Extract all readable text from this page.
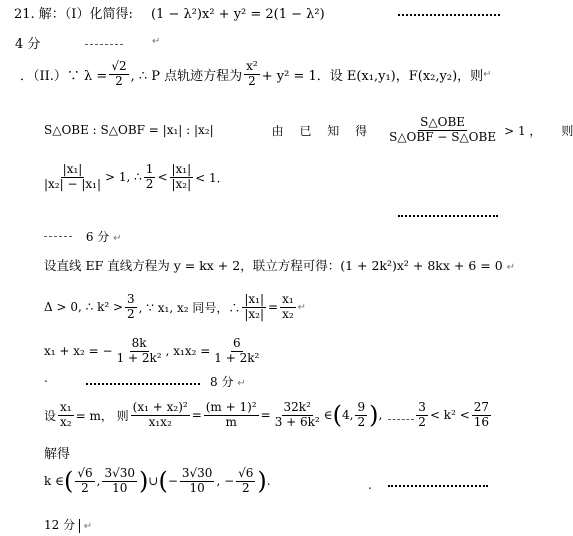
21. 解：（Ⅰ）化简得: (1 − λ²)x² + y² = 2(1 − λ²)
4 分	↵
．（II.）∵ $\lambda = \frac{√2}{2}$ , ∴ P 点轨迹方程为 $\frac{\text{x²}}{2} + y^2 = 1$．设 E(x₁,y₁)，F(x₂,y₂)，则 ↵
S△OBE : S△OBF = |x₁| : |x₂|	由 已 知 得 $\frac{\text{S△OBE}}{\text{S△OBF − S△OBE}} > 1$ ， 则
$\frac{\text{|x₁|}}{\text{|x₂| − |x₁|}} > 1$, ∴ $\frac{1}{2} < \frac{\text{|x₁|}}{\text{|x₂|}} < 1$．
6 分 ↵
设直线 EF 直线方程为 y = kx + 2，联立方程可得：(1 + 2k²)x² + 8kx + 6 = 0 ↵
Δ > 0, ∴ $k^2 > \frac{3}{2}$ , ∵ x₁, x₂ 同号，∴ $\frac{\text{|x₁|}}{\text{|x₂|}} = \frac{\text{x₁}}{\text{x₂}}$ ↵
x₁ + x₂ = − $\frac{8k}{\text{1 + 2k²}}$ , $x_1x_2 = \frac{6}{\text{1 + 2k²}}$
.	8 分 ↵
设 $\frac{\text{x₁}}{\text{x₂}} = m$， 则 $\frac{\text{(x₁ + x₂)²}}{\text{x₁x₂}} = \frac{\text{(m + 1)²}}{m} = \frac{\text{32k²}}{\text{3 + 6k²}}$ ∈ ( 4, $\frac{9}{2}$ ) ,	$\frac{3}{2} < k^2 < \frac{27}{16}$
解得
k ∈ ( $\frac{√6}{2}$ , $\frac{3√30}{10}$ ) ∪ ( − $\frac{3√30}{10}$ , − $\frac{√6}{2}$ ) .	.
12 分 ↵
